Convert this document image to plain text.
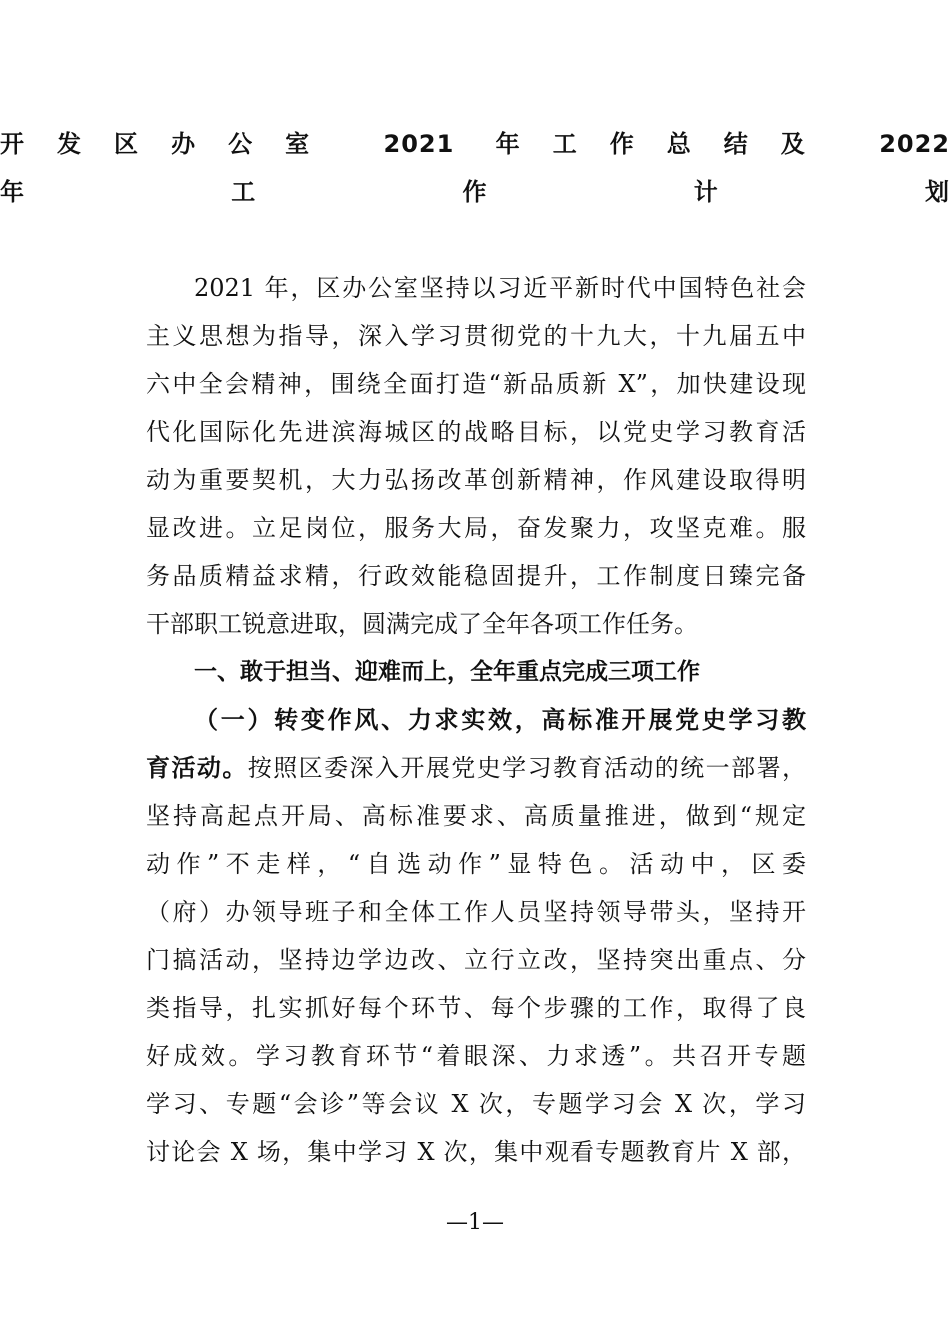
开发区办公室 2021 年工作总结及 2022
年工作计划
2021 年，区办公室坚持以习近平新时代中国特色社会
主义思想为指导，深入学习贯彻党的十九大，十九届五中
六中全会精神，围绕全面打造“新品质新 X”，加快建设现
代化国际化先进滨海城区的战略目标，以党史学习教育活
动为重要契机，大力弘扬改革创新精神，作风建设取得明
显改进。立足岗位，服务大局，奋发聚力，攻坚克难。服
务品质精益求精，行政效能稳固提升，工作制度日臻完备
干部职工锐意进取，圆满完成了全年各项工作任务。
一、敢于担当、迎难而上，全年重点完成三项工作
（一）转变作风、力求实效，高标准开展党史学习教
育活动。按照区委深入开展党史学习教育活动的统一部署，
坚持高起点开局、高标准要求、高质量推进，做到“规定
动作”不走样，“自选动作”显特色。活动中，区委
（府）办领导班子和全体工作人员坚持领导带头，坚持开
门搞活动，坚持边学边改、立行立改，坚持突出重点、分
类指导，扎实抓好每个环节、每个步骤的工作，取得了良
好成效。学习教育环节“着眼深、力求透”。共召开专题
学习、专题“会诊”等会议 X 次，专题学习会 X 次，学习
讨论会 X 场，集中学习 X 次，集中观看专题教育片 X 部，
—1—
